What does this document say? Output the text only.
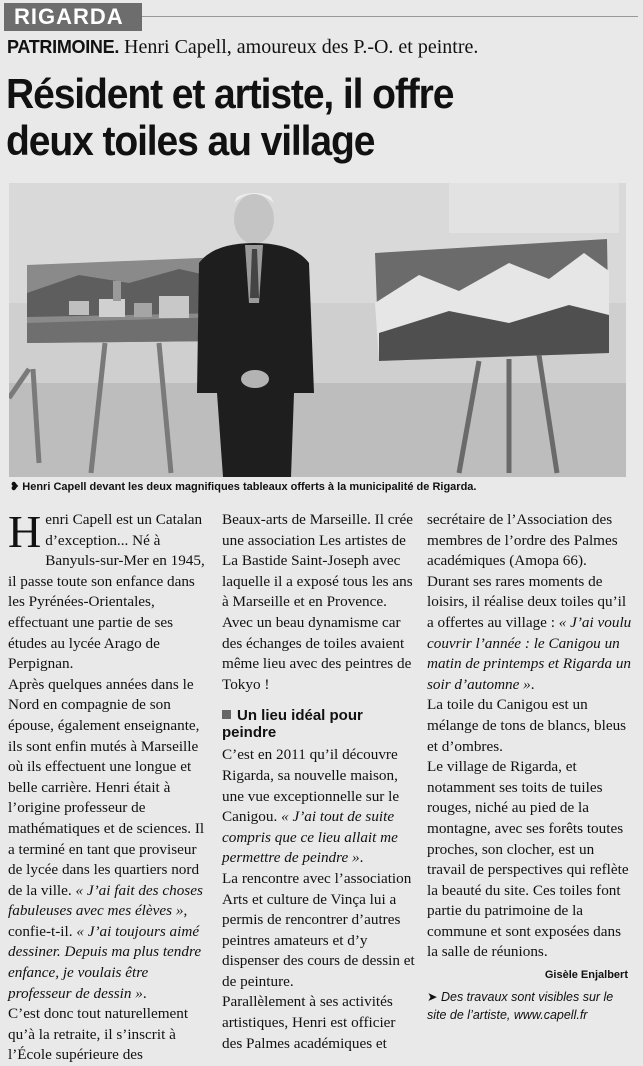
RIGARDA
PATRIMOINE. Henri Capell, amoureux des P.-O. et peintre.
Résident et artiste, il offre
deux toiles au village
❥ Henri Capell devant les deux magnifiques tableaux offerts à la municipalité de Rigarda.

Henri Capell est un Catalan d’exception... Né à Banyuls-sur-Mer en 1945, il passe toute son enfance dans les Pyrénées-Orientales, effectuant une partie de ses études au lycée Arago de Perpignan.

Après quelques années dans le Nord en compagnie de son épouse, également enseignante, ils sont enfin mutés à Marseille où ils effectuent une longue et belle carrière. Henri était à l’origine professeur de mathématiques et de sciences. Il a terminé en tant que proviseur de lycée dans les quartiers nord de la ville. « J’ai fait des choses fabuleuses avec mes élèves », confie-t-il. « J’ai toujours aimé dessiner. Depuis ma plus tendre enfance, je voulais être professeur de dessin ».

C’est donc tout naturellement qu’à la retraite, il s’inscrit à l’École supérieure des

Beaux-arts de Marseille. Il crée une association Les artistes de La Bastide Saint-Joseph avec laquelle il a exposé tous les ans à Marseille et en Provence. Avec un beau dynamisme car des échanges de toiles avaient même lieu avec des peintres de Tokyo !

Un lieu idéal pour peindre

C’est en 2011 qu’il découvre Rigarda, sa nouvelle maison, une vue exceptionnelle sur le Canigou. « J’ai tout de suite compris que ce lieu allait me permettre de peindre ».

La rencontre avec l’association Arts et culture de Vinça lui a permis de rencontrer d’autres peintres amateurs et d’y dispenser des cours de dessin et de peinture.

Parallèlement à ses activités artistiques, Henri est officier des Palmes académiques et

secrétaire de l’Association des membres de l’ordre des Palmes académiques (Amopa 66).

Durant ses rares moments de loisirs, il réalise deux toiles qu’il a offertes au village : « J’ai voulu couvrir l’année : le Canigou un matin de printemps et Rigarda un soir d’automne ».

La toile du Canigou est un mélange de tons de blancs, bleus et d’ombres.

Le village de Rigarda, et notamment ses toits de tuiles rouges, niché au pied de la montagne, avec ses forêts toutes proches, son clocher, est un travail de perspectives qui reflète la beauté du site. Ces toiles font partie du patrimoine de la commune et sont exposées dans la salle de réunions.

Gisèle Enjalbert
➤ Des travaux sont visibles sur le site de l’artiste, www.capell.fr
